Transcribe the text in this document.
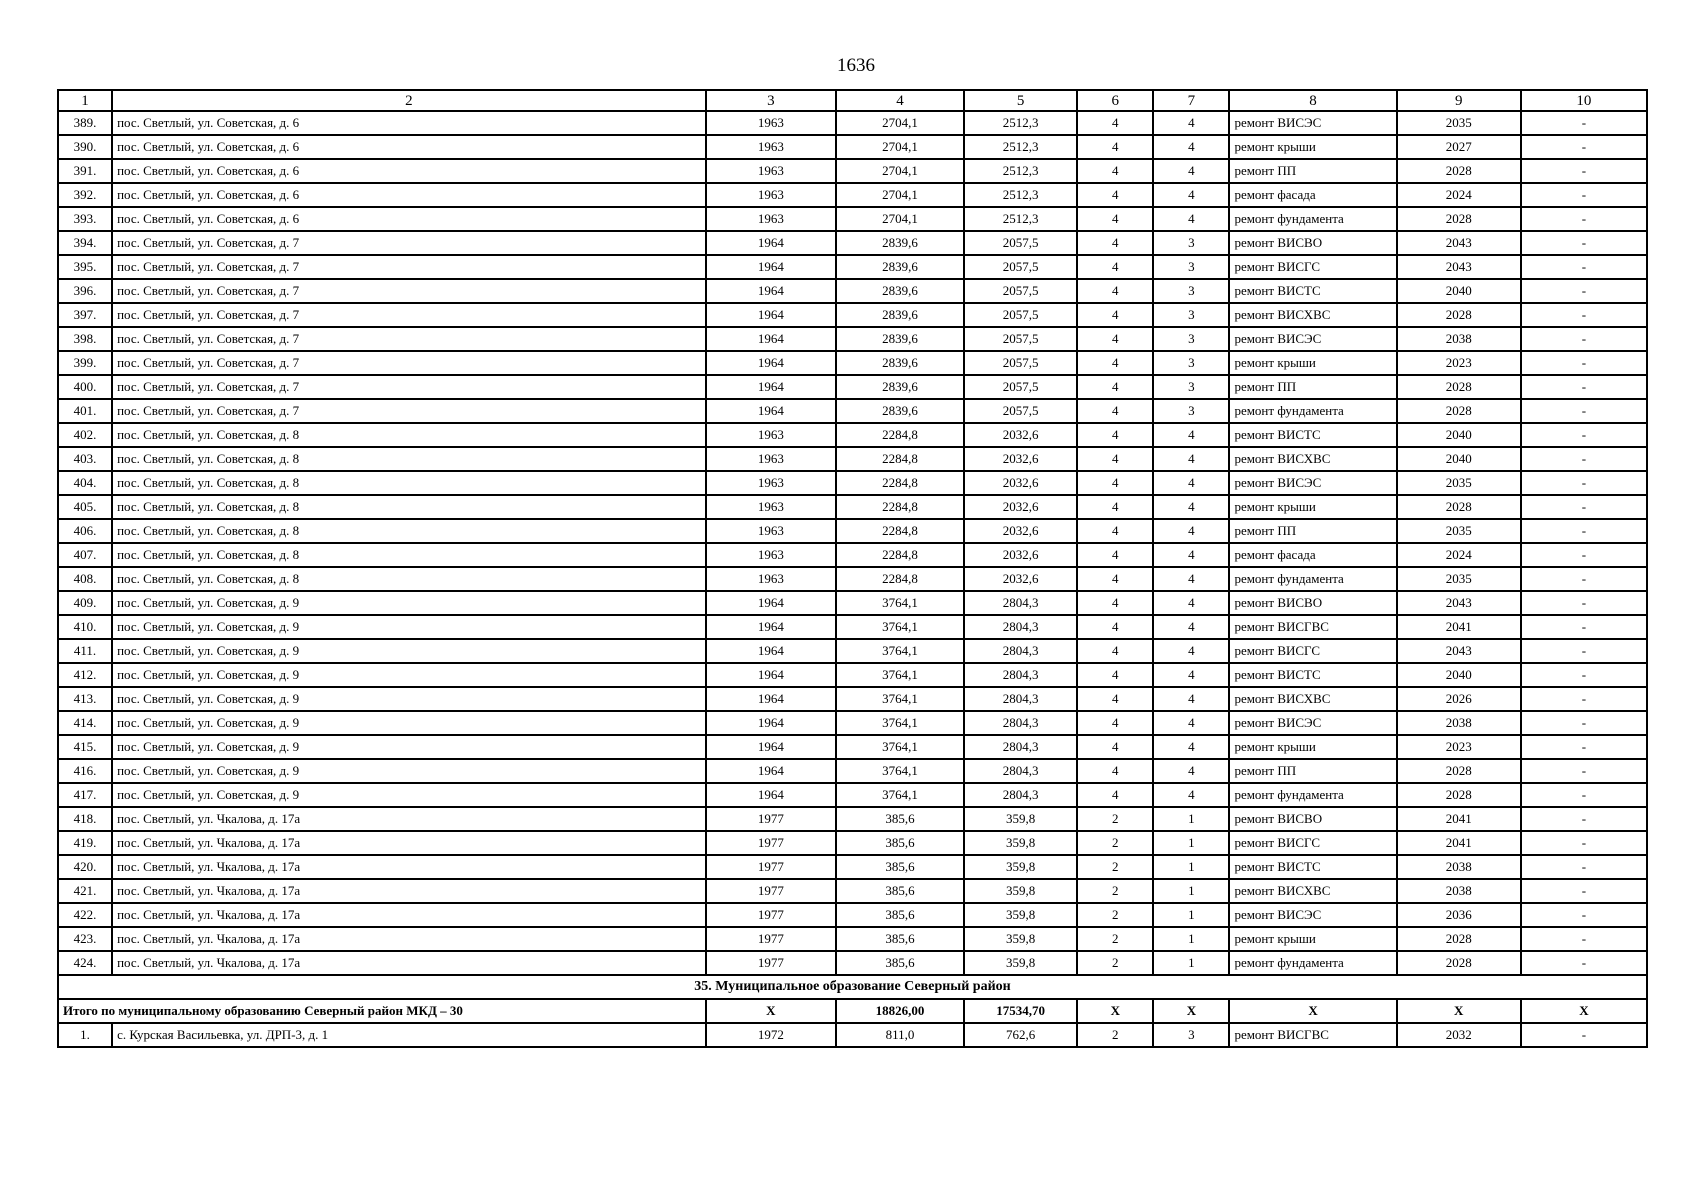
1636
1	2	3	4	5	6	7	8	9	10
389.	пос. Светлый, ул. Советская, д. 6	1963	2704,1	2512,3	4	4	ремонт ВИСЭС	2035	-
390.	пос. Светлый, ул. Советская, д. 6	1963	2704,1	2512,3	4	4	ремонт крыши	2027	-
391.	пос. Светлый, ул. Советская, д. 6	1963	2704,1	2512,3	4	4	ремонт ПП	2028	-
392.	пос. Светлый, ул. Советская, д. 6	1963	2704,1	2512,3	4	4	ремонт фасада	2024	-
393.	пос. Светлый, ул. Советская, д. 6	1963	2704,1	2512,3	4	4	ремонт фундамента	2028	-
394.	пос. Светлый, ул. Советская, д. 7	1964	2839,6	2057,5	4	3	ремонт ВИСВО	2043	-
395.	пос. Светлый, ул. Советская, д. 7	1964	2839,6	2057,5	4	3	ремонт ВИСГС	2043	-
396.	пос. Светлый, ул. Советская, д. 7	1964	2839,6	2057,5	4	3	ремонт ВИСТС	2040	-
397.	пос. Светлый, ул. Советская, д. 7	1964	2839,6	2057,5	4	3	ремонт ВИСХВС	2028	-
398.	пос. Светлый, ул. Советская, д. 7	1964	2839,6	2057,5	4	3	ремонт ВИСЭС	2038	-
399.	пос. Светлый, ул. Советская, д. 7	1964	2839,6	2057,5	4	3	ремонт крыши	2023	-
400.	пос. Светлый, ул. Советская, д. 7	1964	2839,6	2057,5	4	3	ремонт ПП	2028	-
401.	пос. Светлый, ул. Советская, д. 7	1964	2839,6	2057,5	4	3	ремонт фундамента	2028	-
402.	пос. Светлый, ул. Советская, д. 8	1963	2284,8	2032,6	4	4	ремонт ВИСТС	2040	-
403.	пос. Светлый, ул. Советская, д. 8	1963	2284,8	2032,6	4	4	ремонт ВИСХВС	2040	-
404.	пос. Светлый, ул. Советская, д. 8	1963	2284,8	2032,6	4	4	ремонт ВИСЭС	2035	-
405.	пос. Светлый, ул. Советская, д. 8	1963	2284,8	2032,6	4	4	ремонт крыши	2028	-
406.	пос. Светлый, ул. Советская, д. 8	1963	2284,8	2032,6	4	4	ремонт ПП	2035	-
407.	пос. Светлый, ул. Советская, д. 8	1963	2284,8	2032,6	4	4	ремонт фасада	2024	-
408.	пос. Светлый, ул. Советская, д. 8	1963	2284,8	2032,6	4	4	ремонт фундамента	2035	-
409.	пос. Светлый, ул. Советская, д. 9	1964	3764,1	2804,3	4	4	ремонт ВИСВО	2043	-
410.	пос. Светлый, ул. Советская, д. 9	1964	3764,1	2804,3	4	4	ремонт ВИСГВС	2041	-
411.	пос. Светлый, ул. Советская, д. 9	1964	3764,1	2804,3	4	4	ремонт ВИСГС	2043	-
412.	пос. Светлый, ул. Советская, д. 9	1964	3764,1	2804,3	4	4	ремонт ВИСТС	2040	-
413.	пос. Светлый, ул. Советская, д. 9	1964	3764,1	2804,3	4	4	ремонт ВИСХВС	2026	-
414.	пос. Светлый, ул. Советская, д. 9	1964	3764,1	2804,3	4	4	ремонт ВИСЭС	2038	-
415.	пос. Светлый, ул. Советская, д. 9	1964	3764,1	2804,3	4	4	ремонт крыши	2023	-
416.	пос. Светлый, ул. Советская, д. 9	1964	3764,1	2804,3	4	4	ремонт ПП	2028	-
417.	пос. Светлый, ул. Советская, д. 9	1964	3764,1	2804,3	4	4	ремонт фундамента	2028	-
418.	пос. Светлый, ул. Чкалова, д. 17а	1977	385,6	359,8	2	1	ремонт ВИСВО	2041	-
419.	пос. Светлый, ул. Чкалова, д. 17а	1977	385,6	359,8	2	1	ремонт ВИСГС	2041	-
420.	пос. Светлый, ул. Чкалова, д. 17а	1977	385,6	359,8	2	1	ремонт ВИСТС	2038	-
421.	пос. Светлый, ул. Чкалова, д. 17а	1977	385,6	359,8	2	1	ремонт ВИСХВС	2038	-
422.	пос. Светлый, ул. Чкалова, д. 17а	1977	385,6	359,8	2	1	ремонт ВИСЭС	2036	-
423.	пос. Светлый, ул. Чкалова, д. 17а	1977	385,6	359,8	2	1	ремонт крыши	2028	-
424.	пос. Светлый, ул. Чкалова, д. 17а	1977	385,6	359,8	2	1	ремонт фундамента	2028	-
35. Муниципальное образование Северный район									
Итого по муниципальному образованию Северный район МКД – 30		Х	18826,00	17534,70	Х	Х	Х	Х	Х
1.	с. Курская Васильевка, ул. ДРП-3, д. 1	1972	811,0	762,6	2	3	ремонт ВИСГВС	2032	-
